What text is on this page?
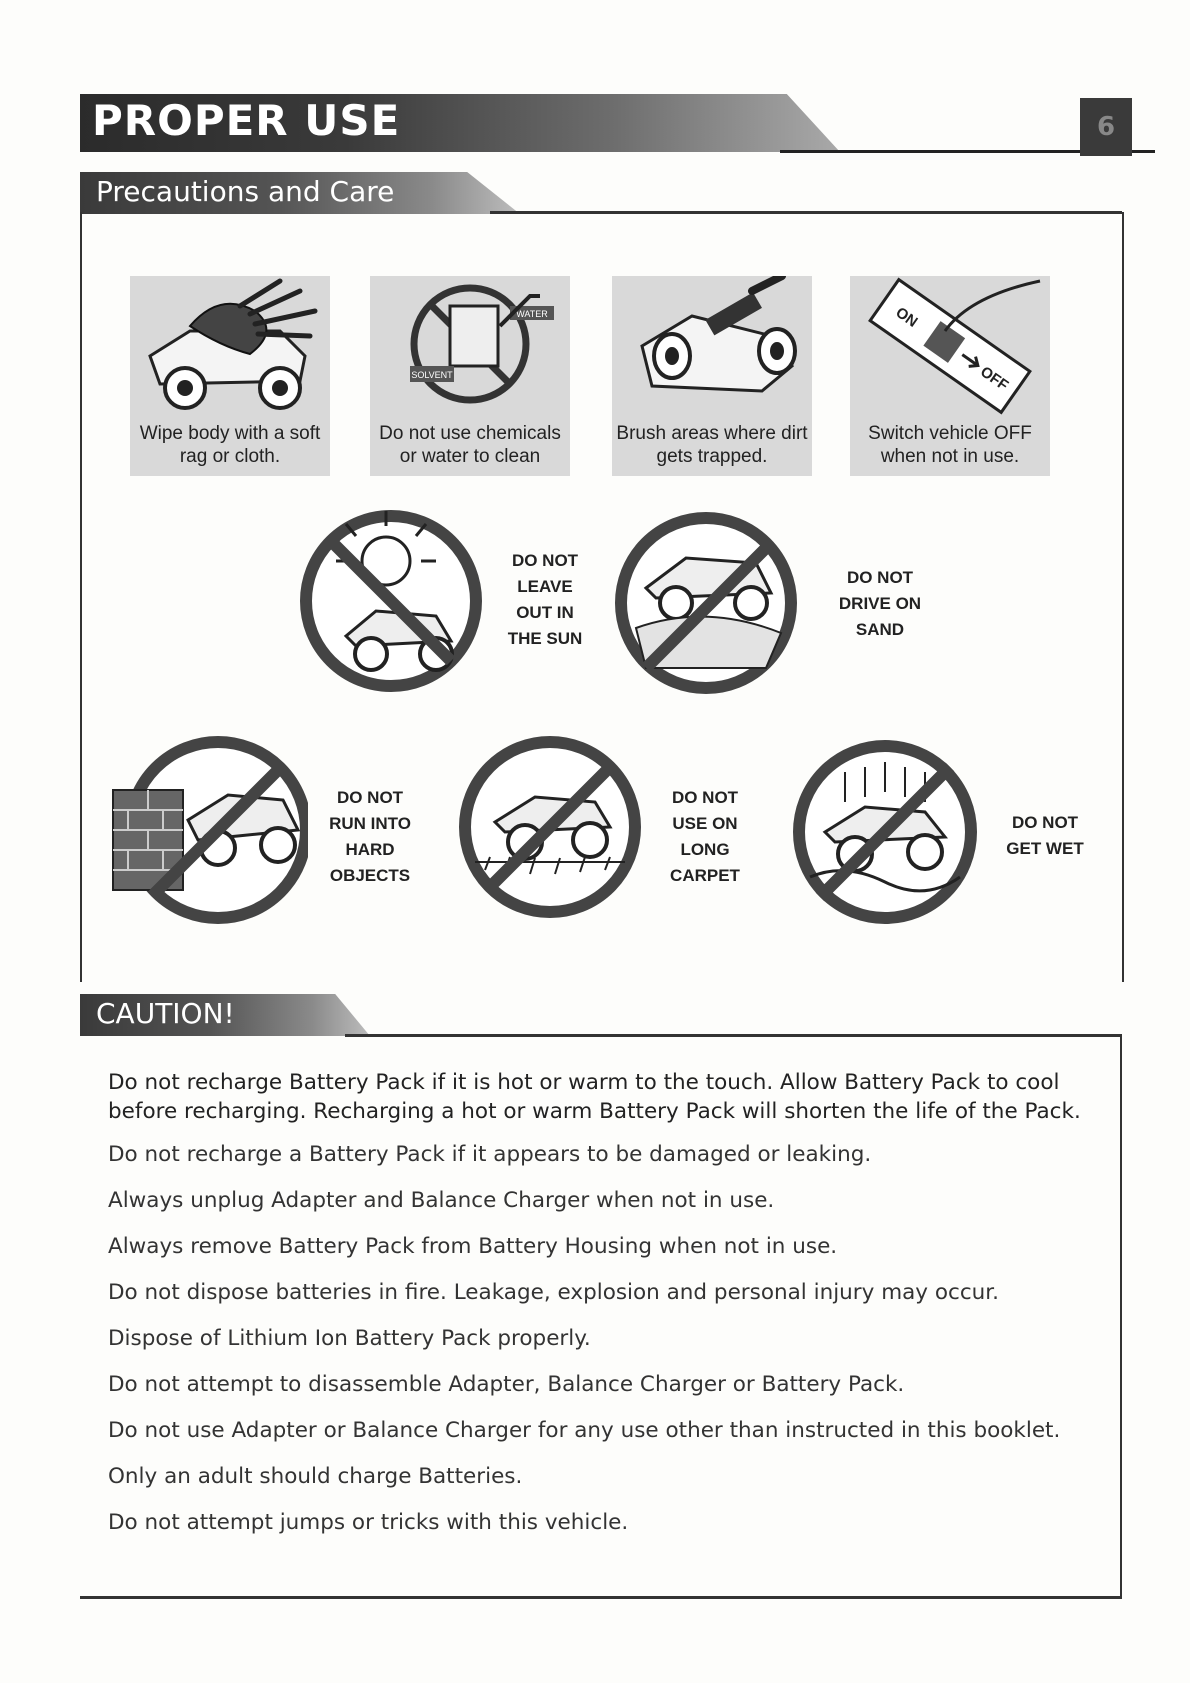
PROPER USE	6
Precautions and Care
Wipe body with a soft rag or cloth.
SOLVENT
WATER
Do not use chemicals or water to clean
Brush areas where dirt gets trapped.
ON
OFF
Switch vehicle OFF when not in use.
DO NOT
LEAVE
OUT IN
THE SUN
DO NOT
DRIVE ON
SAND
DO NOT
RUN INTO
HARD
OBJECTS
DO NOT
USE ON
LONG
CARPET
DO NOT
GET WET
CAUTION!

Do not recharge Battery Pack if it is hot or warm to the touch. Allow Battery Pack to cool

before recharging. Recharging a hot or warm Battery Pack will shorten the life of the Pack.

Do not recharge a Battery Pack if it appears to be damaged or leaking.

Always unplug Adapter and Balance Charger when not in use.

Always remove Battery Pack from Battery Housing when not in use.

Do not dispose batteries in fire. Leakage, explosion and personal injury may occur.

Dispose of Lithium Ion Battery Pack properly.

Do not attempt to disassemble Adapter, Balance Charger or Battery Pack.

Do not use Adapter or Balance Charger for any use other than instructed in this booklet.

Only an adult should charge Batteries.

Do not attempt jumps or tricks with this vehicle.
